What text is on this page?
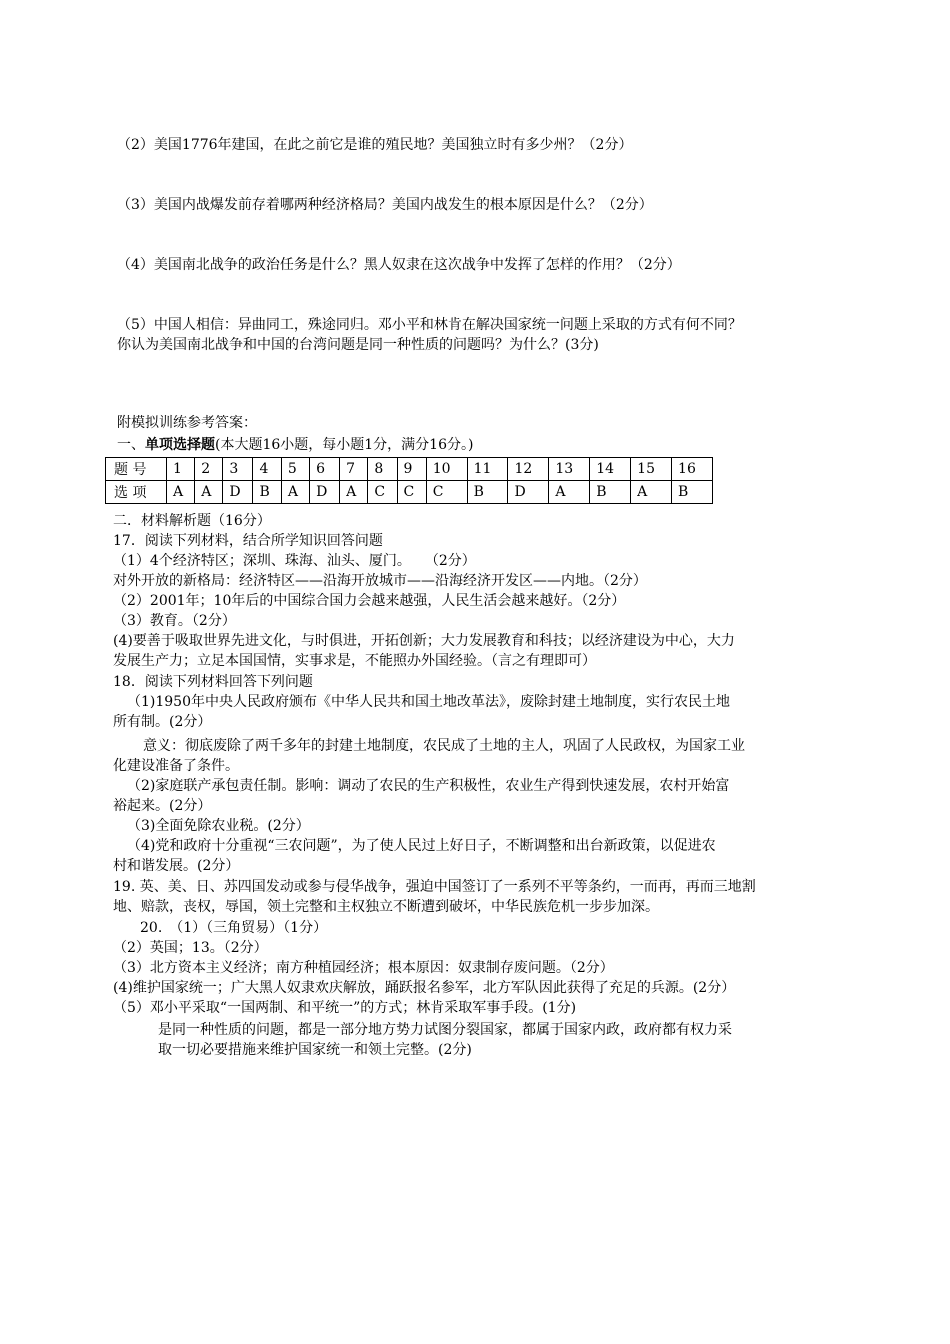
（2）美国1776年建国，在此之前它是谁的殖民地？美国独立时有多少州？（2分）
（3）美国内战爆发前存着哪两种经济格局？美国内战发生的根本原因是什么？（2分）
（4）美国南北战争的政治任务是什么？黑人奴隶在这次战争中发挥了怎样的作用？（2分）
（5）中国人相信：异曲同工，殊途同归。邓小平和林肯在解决国家统一问题上采取的方式有何不同？
你认为美国南北战争和中国的台湾问题是同一种性质的问题吗？为什么？(3分)
附模拟训练参考答案：
一、单项选择题(本大题16小题，每小题1分，满分16分。)
题 号	1	2	3	4	5	6	7	8	9	10	11	12	13	14	15	16
选 项	A	A	D	B	A	D	A	C	C	C	B	D	A	B	A	B
二．材料解析题（16分）
17．阅读下列材料，结合所学知识回答问题
（1）4个经济特区；深圳、珠海、汕头、厦门。　　（2分）
对外开放的新格局：经济特区——沿海开放城市——沿海经济开发区——内地。（2分）
（2）2001年；10年后的中国综合国力会越来越强，人民生活会越来越好。（2分）
（3）教育。（2分）
(4)要善于吸取世界先进文化，与时俱进，开拓创新；大力发展教育和科技；以经济建设为中心，大力
发展生产力；立足本国国情，实事求是，不能照办外国经验。（言之有理即可）
18．阅读下列材料回答下列问题
（1)1950年中央人民政府颁布《中华人民共和国土地改革法》，废除封建土地制度，实行农民土地
所有制。(2分）
意义：彻底废除了两千多年的封建土地制度，农民成了土地的主人，巩固了人民政权，为国家工业
化建设准备了条件。
（2)家庭联产承包责任制。影响：调动了农民的生产积极性，农业生产得到快速发展，农村开始富
裕起来。(2分）
（3)全面免除农业税。(2分）
（4)党和政府十分重视“三农问题”，为了使人民过上好日子，不断调整和出台新政策，以促进农
村和谐发展。(2分）
19. 英、美、日、苏四国发动或参与侵华战争，强迫中国签订了一系列不平等条约，一而再，再而三地割
地、赔款，丧权，辱国，领土完整和主权独立不断遭到破坏，中华民族危机一步步加深。
20.　（1）（三角贸易）（1分）
（2）英国；13。（2分）
（3）北方资本主义经济；南方种植园经济；根本原因：奴隶制存废问题。（2分）
(4)维护国家统一；广大黑人奴隶欢庆解放，踊跃报名参军，北方军队因此获得了充足的兵源。(2分）
（5）邓小平采取“一国两制、和平统一”的方式；林肯采取军事手段。(1分)
是同一种性质的问题，都是一部分地方势力试图分裂国家，都属于国家内政，政府都有权力采
取一切必要措施来维护国家统一和领土完整。(2分)
